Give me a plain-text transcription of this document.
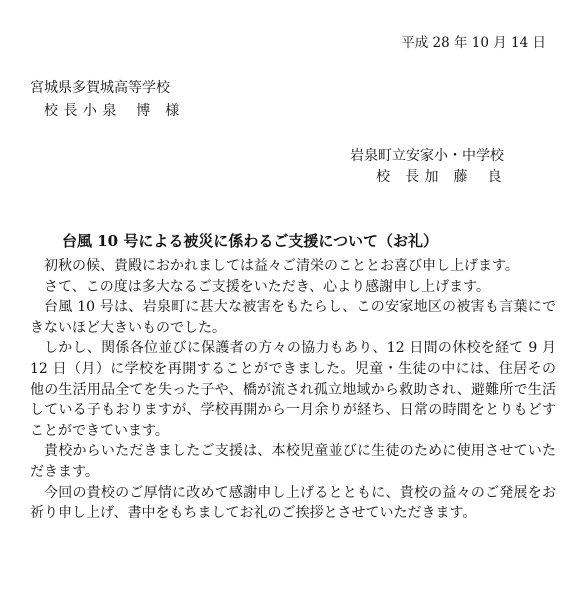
平成 28 年 10 月 14 日
宮城県多賀城高等学校
校 長 小 泉　 博　様
岩泉町立安家小・中学校
校　長 加　藤　 良
台風 10 号による被災に係わるご支援について（お礼）

初秋の候、貴殿におかれましては益々ご清栄のこととお喜び申し上げます。

さて、この度は多大なるご支援をいただき、心より感謝申し上げます。

台風 10 号は、岩泉町に甚大な被害をもたらし、この安家地区の被害も言葉にできないほど大きいものでした。

しかし、関係各位並びに保護者の方々の協力もあり、12 日間の休校を経て 9 月 12 日（月）に学校を再開することができました。児童・生徒の中には、住居その他の生活用品全てを失った子や、橋が流され孤立地域から救助され、避難所で生活している子もおりますが、学校再開から一月余りが経ち、日常の時間をとりもどすことができています。

貴校からいただきましたご支援は、本校児童並びに生徒のために使用させていただきます。

今回の貴校のご厚情に改めて感謝申し上げるとともに、貴校の益々のご発展をお祈り申し上げ、書中をもちましてお礼のご挨拶とさせていただきます。
